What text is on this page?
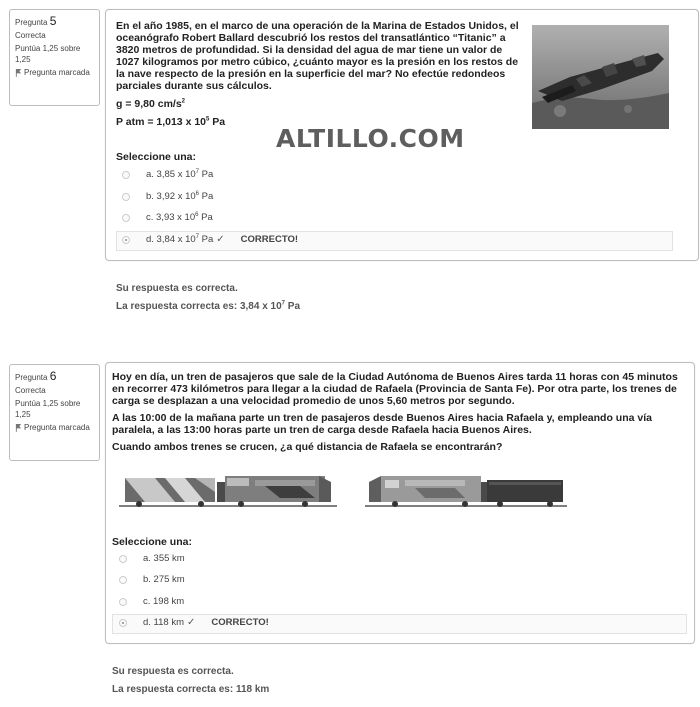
Pregunta 5
Correcta
Puntúa 1,25 sobre 1,25
Pregunta marcada

En el año 1985, en el marco de una operación de la Marina de Estados Unidos, el oceanógrafo Robert Ballard descubrió los restos del transatlántico “Titanic” a 3820 metros de profundidad. Si la densidad del agua de mar tiene un valor de 1027 kilogramos por metro cúbico, ¿cuánto mayor es la presión en los restos de la nave respecto de la presión en la superficie del mar? No efectúe redondeos parciales durante sus cálculos.

g = 9,80 $cm/s^2$

P atm = 1,013 x $10^5$ Pa

ALTILLO.COM
Seleccione una:
a. 3,85 x $10^7$ Pa
b. 3,92 x $10^6$ Pa
c. 3,93 x $10^6$ Pa
d. 3,84 x $10^7$ Pa ✓ CORRECTO!
Su respuesta es correcta.
La respuesta correcta es: 3,84 x $10^7$ Pa
Pregunta 6
Correcta
Puntúa 1,25 sobre 1,25
Pregunta marcada

Hoy en día, un tren de pasajeros que sale de la Ciudad Autónoma de Buenos Aires tarda 11 horas con 45 minutos en recorrer 473 kilómetros para llegar a la ciudad de Rafaela (Provincia de Santa Fe). Por otra parte, los trenes de carga se desplazan a una velocidad promedio de unos 5,60 metros por segundo.

A las 10:00 de la mañana parte un tren de pasajeros desde Buenos Aires hacia Rafaela y, empleando una vía paralela, a las 13:00 horas parte un tren de carga desde Rafaela hacia Buenos Aires.

Cuando ambos trenes se crucen, ¿a qué distancia de Rafaela se encontrarán?

Seleccione una:
a. 355 km
b. 275 km
c. 198 km
d. 118 km ✓ CORRECTO!
Su respuesta es correcta.
La respuesta correcta es: 118 km
